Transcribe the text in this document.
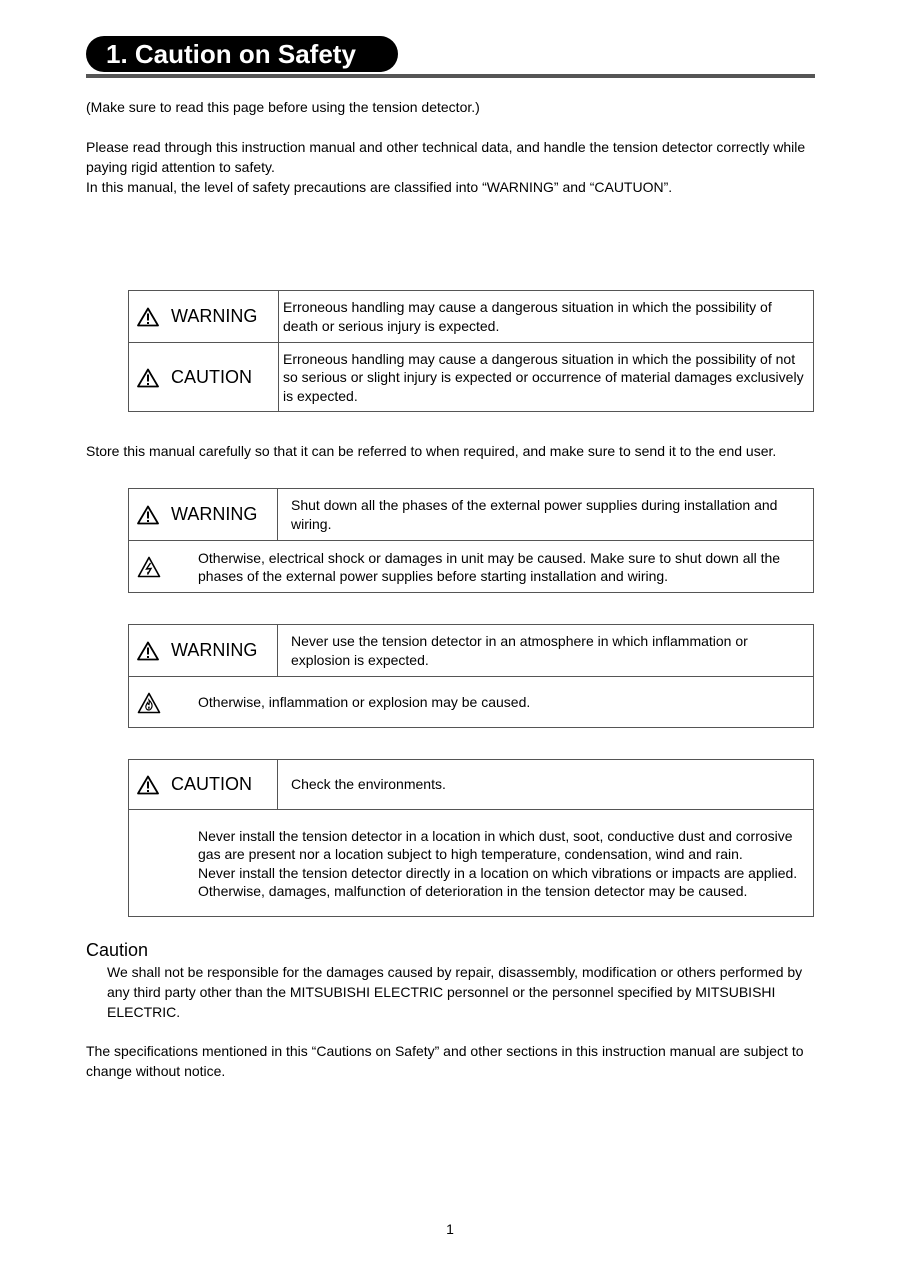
1. Caution on Safety

(Make sure to read this page before using the tension detector.)

Please read through this instruction manual and other technical data, and handle the tension detector correctly while paying rigid attention to safety.

In this manual, the level of safety precautions are classified into “WARNING” and “CAUTUON”.

WARNING Erroneous handling may cause a dangerous situation in which the possibility of death or serious injury is expected.
CAUTION
Erroneous handling may cause a dangerous situation in which the possibility of not so serious or slight injury is expected or occurrence of material damages exclusively is expected.

Store this manual carefully so that it can be referred to when required, and make sure to send it to the end user.

WARNING Shut down all the phases of the external power supplies during installation and wiring.

Otherwise, electrical shock or damages in unit may be caused. Make sure to shut down all the phases of the external power supplies before starting installation and wiring.

WARNING Never use the tension detector in an atmosphere in which inflammation or explosion is expected.

Otherwise, inflammation or explosion may be caused.

CAUTION	Check the environments.

Never install the tension detector in a location in which dust, soot, conductive dust and corrosive gas are present nor a location subject to high temperature, condensation, wind and rain.

Never install the tension detector directly in a location on which vibrations or impacts are applied.

Otherwise, damages, malfunction of deterioration in the tension detector may be caused.

Caution

We shall not be responsible for the damages caused by repair, disassembly, modification or others performed by any third party other than the MITSUBISHI ELECTRIC personnel or the personnel specified by MITSUBISHI ELECTRIC.

The specifications mentioned in this “Cautions on Safety” and other sections in this instruction manual are subject to change without notice.

1
